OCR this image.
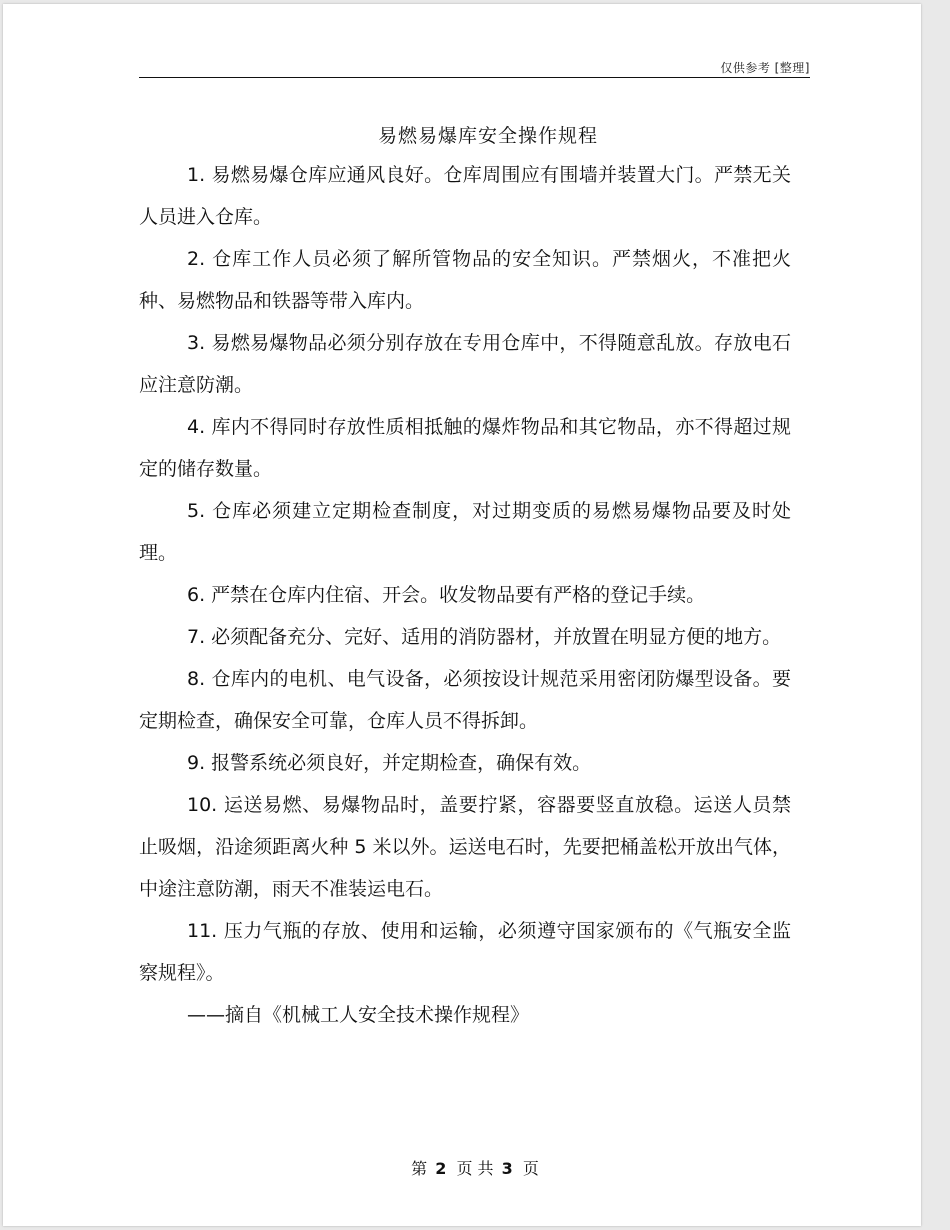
仅供参考 [整理]
易燃易爆库安全操作规程

1. 易燃易爆仓库应通风良好。仓库周围应有围墙并装置大门。严禁无关人员进入仓库。

2. 仓库工作人员必须了解所管物品的安全知识。严禁烟火，不准把火种、易燃物品和铁器等带入库内。

3. 易燃易爆物品必须分别存放在专用仓库中，不得随意乱放。存放电石应注意防潮。

4. 库内不得同时存放性质相抵触的爆炸物品和其它物品，亦不得超过规定的储存数量。

5. 仓库必须建立定期检查制度，对过期变质的易燃易爆物品要及时处理。

6. 严禁在仓库内住宿、开会。收发物品要有严格的登记手续。

7. 必须配备充分、完好、适用的消防器材，并放置在明显方便的地方。

8. 仓库内的电机、电气设备，必须按设计规范采用密闭防爆型设备。要定期检查，确保安全可靠，仓库人员不得拆卸。

9. 报警系统必须良好，并定期检查，确保有效。

10. 运送易燃、易爆物品时，盖要拧紧，容器要竖直放稳。运送人员禁止吸烟，沿途须距离火种 5 米以外。运送电石时，先要把桶盖松开放出气体，中途注意防潮，雨天不准装运电石。

11. 压力气瓶的存放、使用和运输，必须遵守国家颁布的《气瓶安全监察规程》。

——摘自《机械工人安全技术操作规程》

第 2 页 共 3 页
